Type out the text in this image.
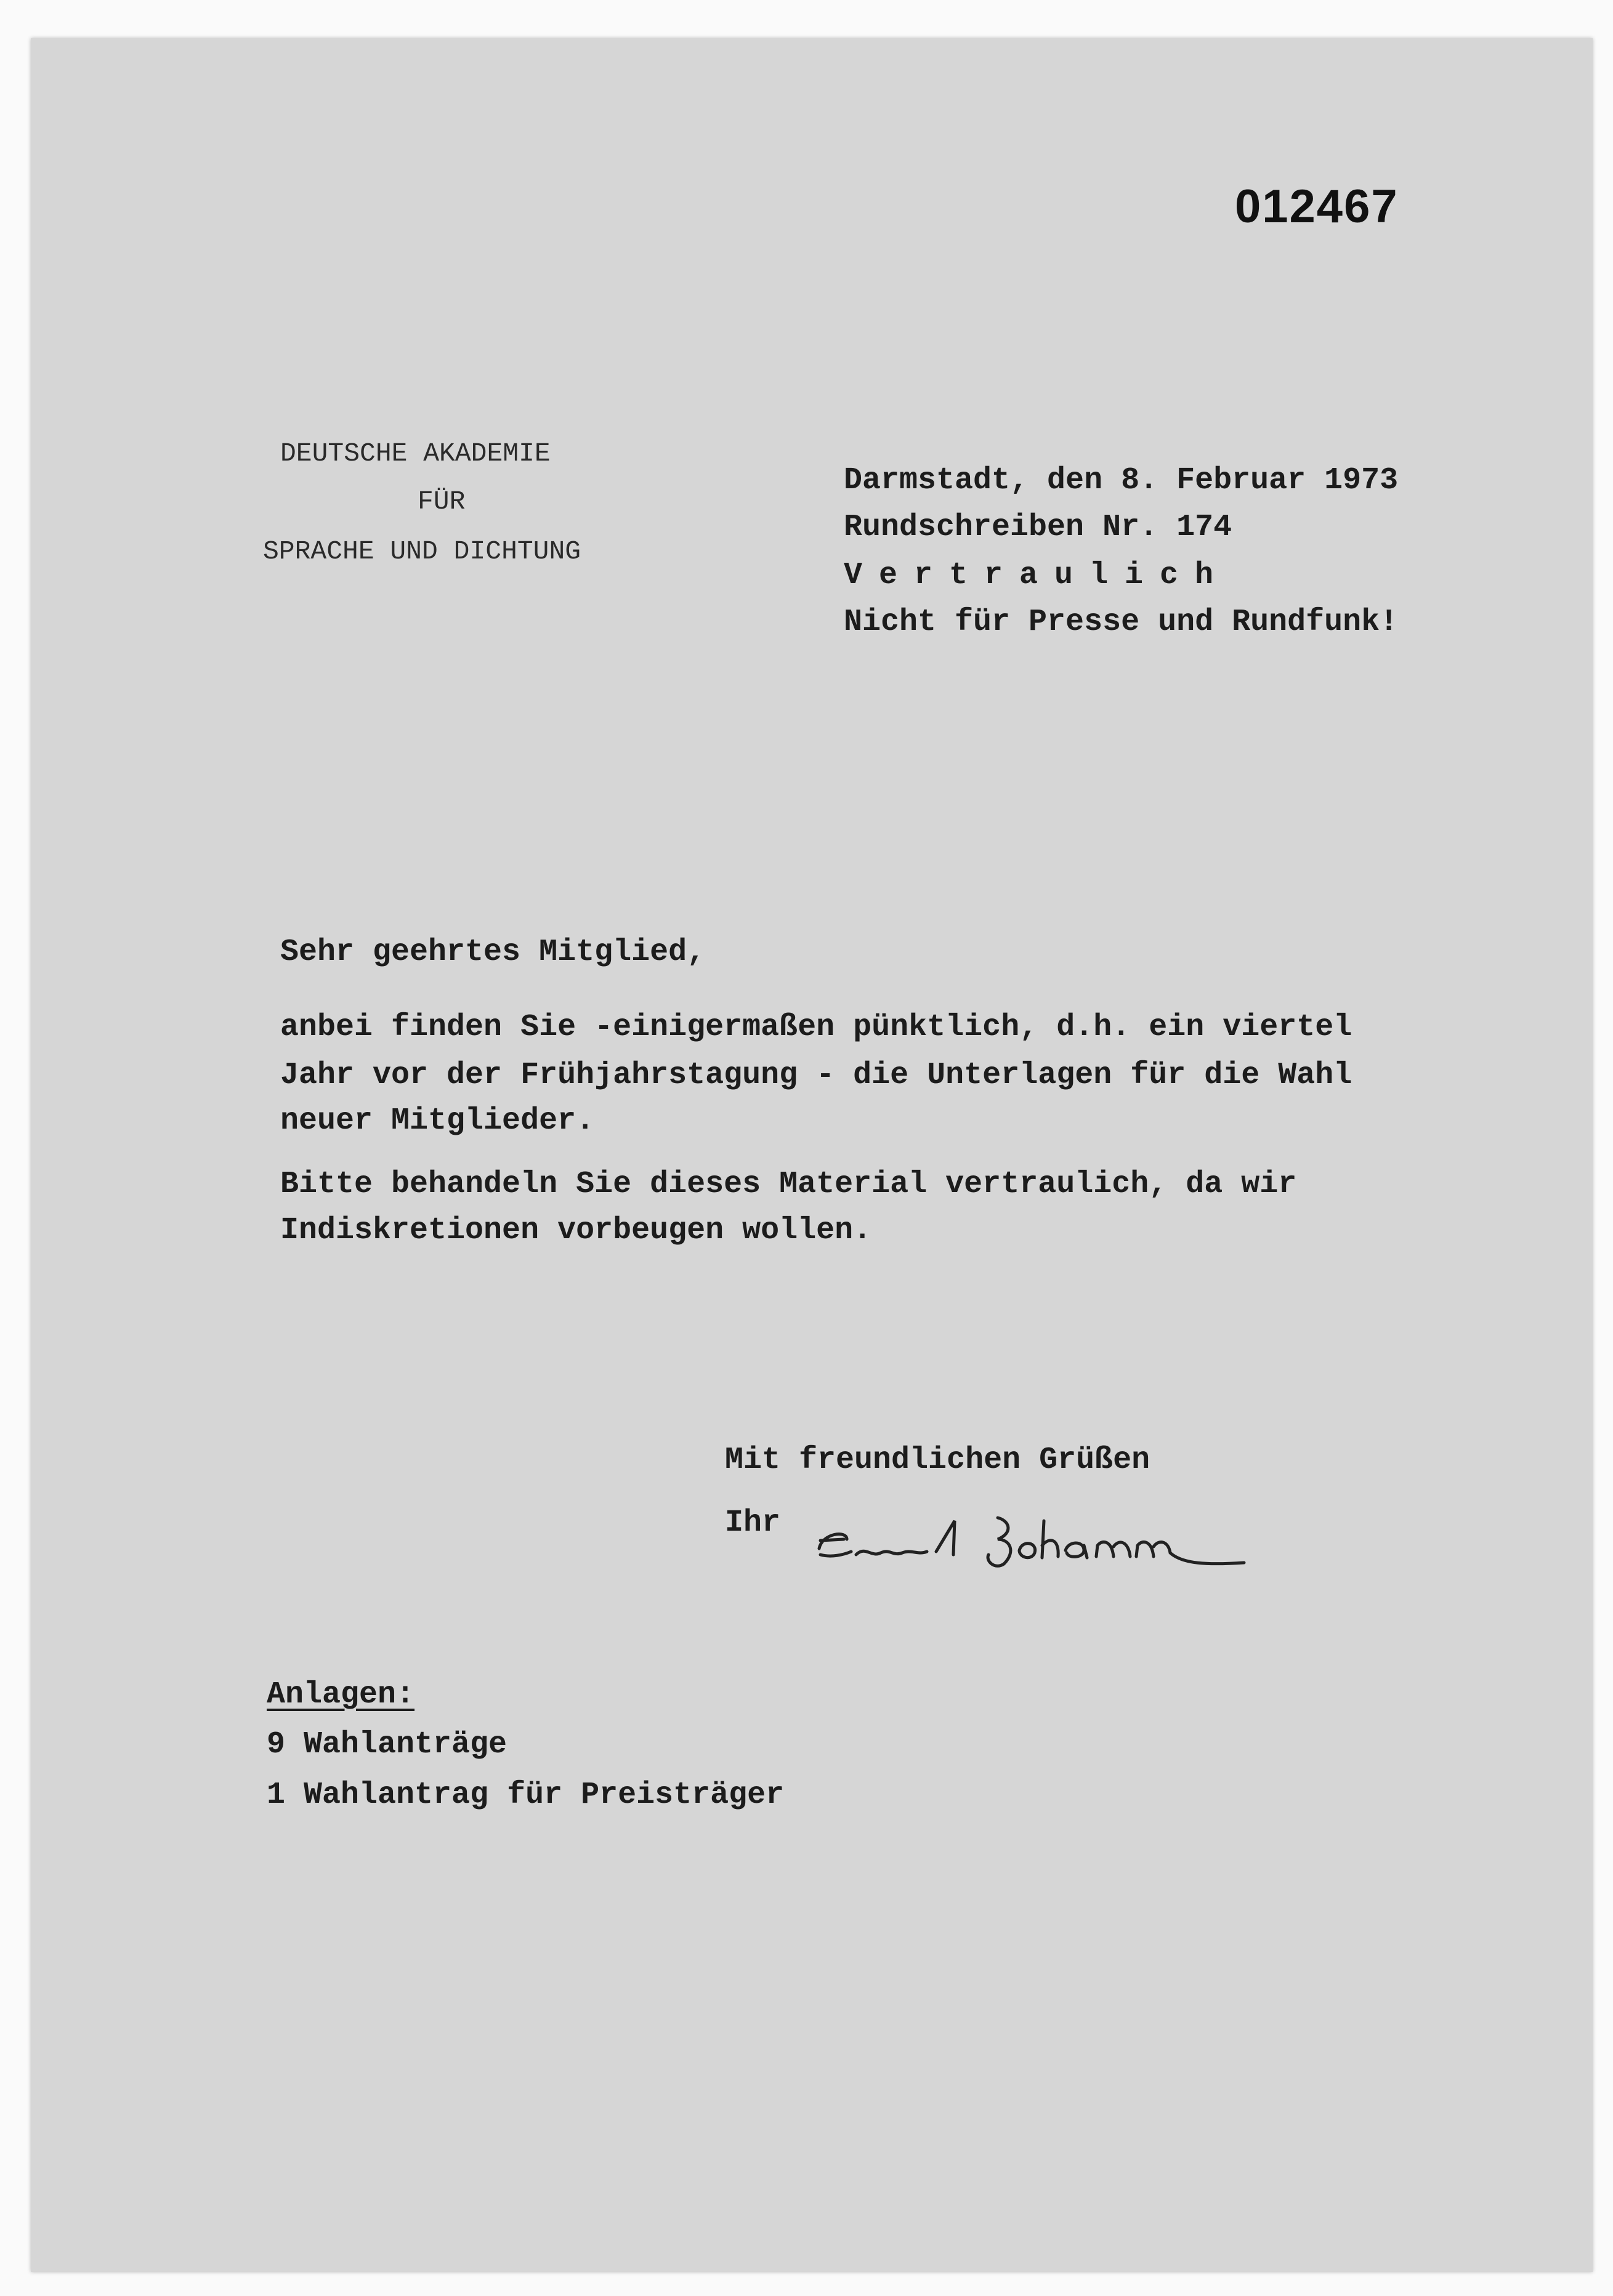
012467
DEUTSCHE AKADEMIE
FÜR
SPRACHE UND DICHTUNG
Darmstadt, den 8. Februar 1973
Rundschreiben Nr. 174
Vertraulich
Nicht für Presse und Rundfunk!
Sehr geehrtes Mitglied,
anbei finden Sie -einigermaßen pünktlich, d.h. ein viertel
Jahr vor der Frühjahrstagung - die Unterlagen für die Wahl
neuer Mitglieder.
Bitte behandeln Sie dieses Material vertraulich, da wir
Indiskretionen vorbeugen wollen.
Mit freundlichen Grüßen
Ihr
Anlagen:
9 Wahlanträge
1 Wahlantrag für Preisträger
